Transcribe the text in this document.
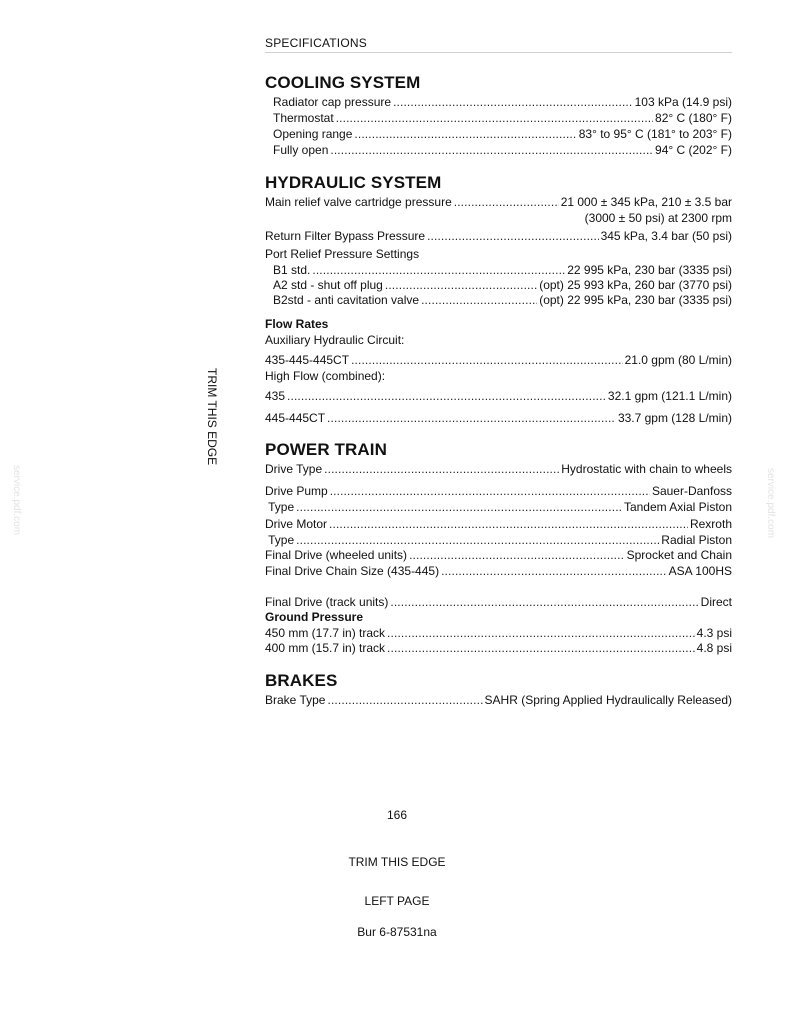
SPECIFICATIONS
COOLING SYSTEM
Radiator cap pressure . . .	103 kPa (14.9 psi)
Thermostat . . .	82° C (180° F)
Opening range . . .	83° to 95° C (181° to 203° F)
Fully open . . .	94° C (202° F)
HYDRAULIC SYSTEM
Main relief valve cartridge pressure . . .	21 000 ± 345 kPa, 210 ± 3.5 bar
(3000 ± 50 psi) at 2300 rpm
Return Filter Bypass Pressure . . .	345 kPa, 3.4 bar (50 psi)
Port Relief Pressure Settings
B1 std. . . .	22 995 kPa, 230 bar (3335 psi)
A2 std - shut off plug . . .	(opt) 25 993 kPa, 260 bar (3770 psi)
B2std - anti cavitation valve . . .	(opt) 22 995 kPa, 230 bar (3335 psi)
Flow Rates
Auxiliary Hydraulic Circuit:
435-445-445CT . . .	21.0 gpm (80 L/min)
High Flow (combined):
435 . . .	32.1 gpm (121.1 L/min)
445-445CT . . .	33.7 gpm (128 L/min)
POWER TRAIN
Drive Type . . .	Hydrostatic with chain to wheels
Drive Pump . . .	Sauer-Danfoss
Type . . .	Tandem Axial Piston
Drive Motor . . .	Rexroth
Type . . .	Radial Piston
Final Drive (wheeled units) . . .	Sprocket and Chain
Final Drive Chain Size (435-445) . . .	ASA 100HS
Final Drive (track units) . . .	Direct
Ground Pressure
450 mm (17.7 in) track . . .	4.3 psi
400 mm (15.7 in) track . . .	4.8 psi
BRAKES
Brake Type . . .	SAHR (Spring Applied Hydraulically Released)
166
TRIM THIS EDGE
LEFT PAGE
Bur 6-87531na
TRIM THIS EDGE
service.pdf.com	service.pdf.com
